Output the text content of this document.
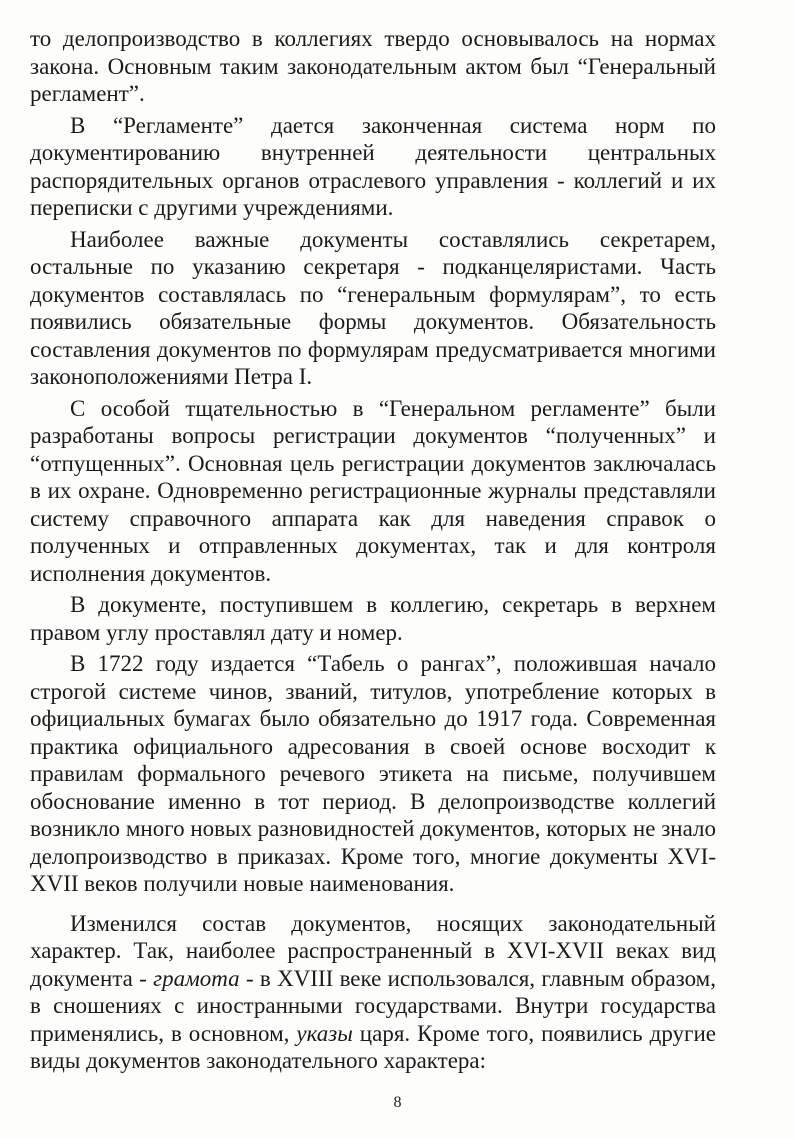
то делопроизводство в коллегиях твердо основывалось на нормах закона. Основным таким законодательным актом был “Генеральный регламент”.

В “Регламенте” дается законченная система норм по документированию внутренней деятельности центральных распорядительных органов отраслевого управления - коллегий и их переписки с другими учреждениями.

Наиболее важные документы составлялись секретарем, остальные по указанию секретаря - подканцеляристами. Часть документов составлялась по “генеральным формулярам”, то есть появились обязательные формы документов. Обязательность составления документов по формулярам предусматривается многими законоположениями Петра I.

С особой тщательностью в “Генеральном регламенте” были разработаны вопросы регистрации документов “полученных” и “отпущенных”. Основная цель регистрации документов заключалась в их охране. Одновременно регистрационные журналы представляли систему справочного аппарата как для наведения справок о полученных и отправленных документах, так и для контроля исполнения документов.

В документе, поступившем в коллегию, секретарь в верхнем правом углу проставлял дату и номер.

В 1722 году издается “Табель о рангах”, положившая начало строгой системе чинов, званий, титулов, употребление которых в официальных бумагах было обязательно до 1917 года. Современная практика официального адресования в своей основе восходит к правилам формального речевого этикета на письме, получившем обоснование именно в тот период. В делопроизводстве коллегий возникло много новых разновидностей документов, которых не знало делопроизводство в приказах. Кроме того, многие документы XVI-XVII веков получили новые наименования.

Изменился состав документов, носящих законодательный характер. Так, наиболее распространенный в XVI-XVII веках вид документа - грамота - в XVIII веке использовался, главным образом, в сношениях с иностранными государствами. Внутри государства применялись, в основном, указы царя. Кроме того, появились другие виды документов законодательного характера:

8
